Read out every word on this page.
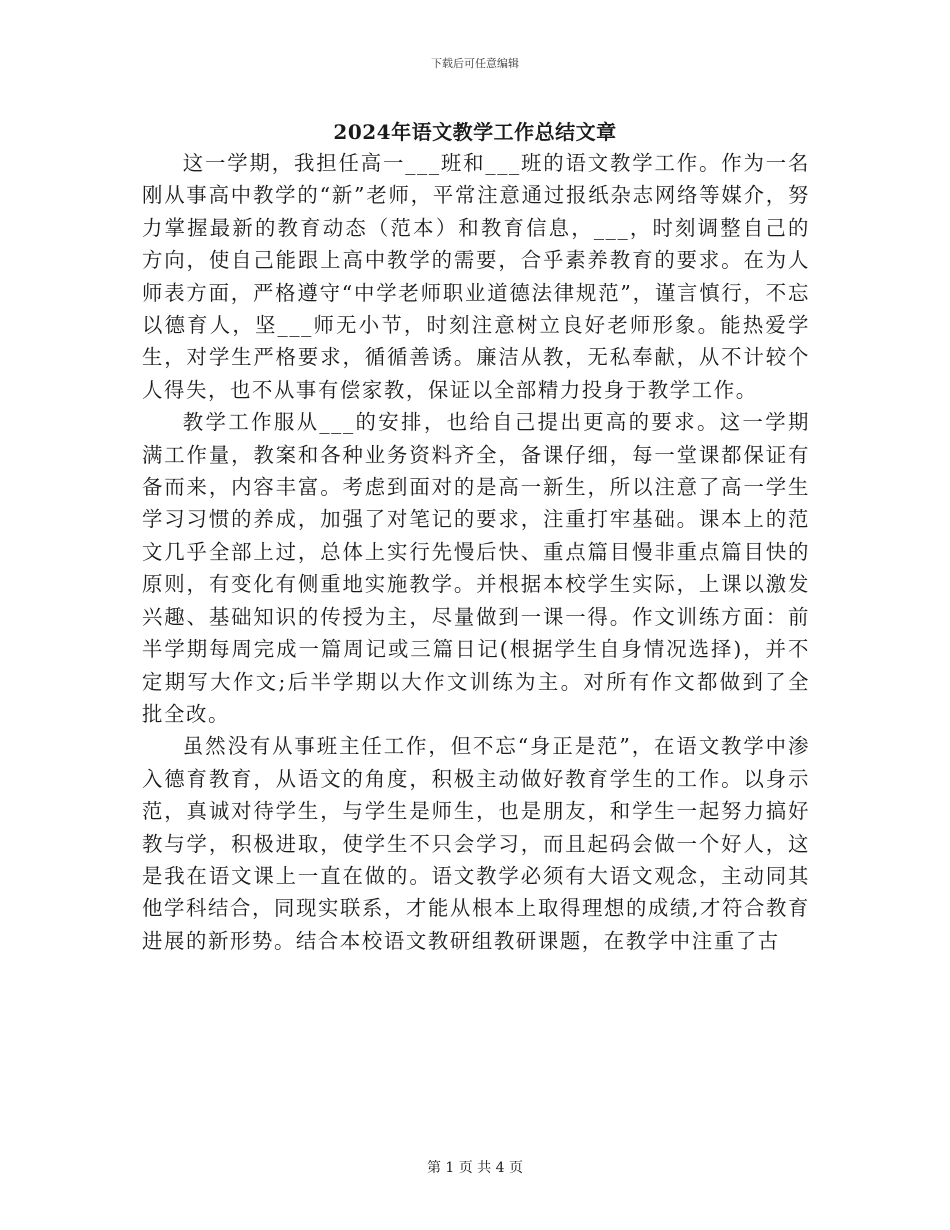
下载后可任意编辑
2024年语文教学工作总结文章

这一学期，我担任高一___班和___班的语文教学工作。作为一名刚从事高中教学的“新”老师，平常注意通过报纸杂志网络等媒介，努力掌握最新的教育动态（范本）和教育信息，___，时刻调整自己的方向，使自己能跟上高中教学的需要，合乎素养教育的要求。在为人师表方面，严格遵守“中学老师职业道德法律规范”，谨言慎行，不忘以德育人，坚___师无小节，时刻注意树立良好老师形象。能热爱学生，对学生严格要求，循循善诱。廉洁从教，无私奉献，从不计较个人得失，也不从事有偿家教，保证以全部精力投身于教学工作。

教学工作服从___的安排，也给自己提出更高的要求。这一学期满工作量，教案和各种业务资料齐全，备课仔细，每一堂课都保证有备而来，内容丰富。考虑到面对的是高一新生，所以注意了高一学生学习习惯的养成，加强了对笔记的要求，注重打牢基础。课本上的范文几乎全部上过，总体上实行先慢后快、重点篇目慢非重点篇目快的原则，有变化有侧重地实施教学。并根据本校学生实际，上课以激发兴趣、基础知识的传授为主，尽量做到一课一得。作文训练方面：前半学期每周完成一篇周记或三篇日记(根据学生自身情况选择)，并不定期写大作文;后半学期以大作文训练为主。对所有作文都做到了全批全改。

虽然没有从事班主任工作，但不忘“身正是范”，在语文教学中渗入德育教育，从语文的角度，积极主动做好教育学生的工作。以身示范，真诚对待学生，与学生是师生，也是朋友，和学生一起努力搞好教与学，积极进取，使学生不只会学习，而且起码会做一个好人，这是我在语文课上一直在做的。语文教学必须有大语文观念，主动同其他学科结合，同现实联系，才能从根本上取得理想的成绩,才符合教育进展的新形势。结合本校语文教研组教研课题，在教学中注重了古

第 1 页 共 4 页
